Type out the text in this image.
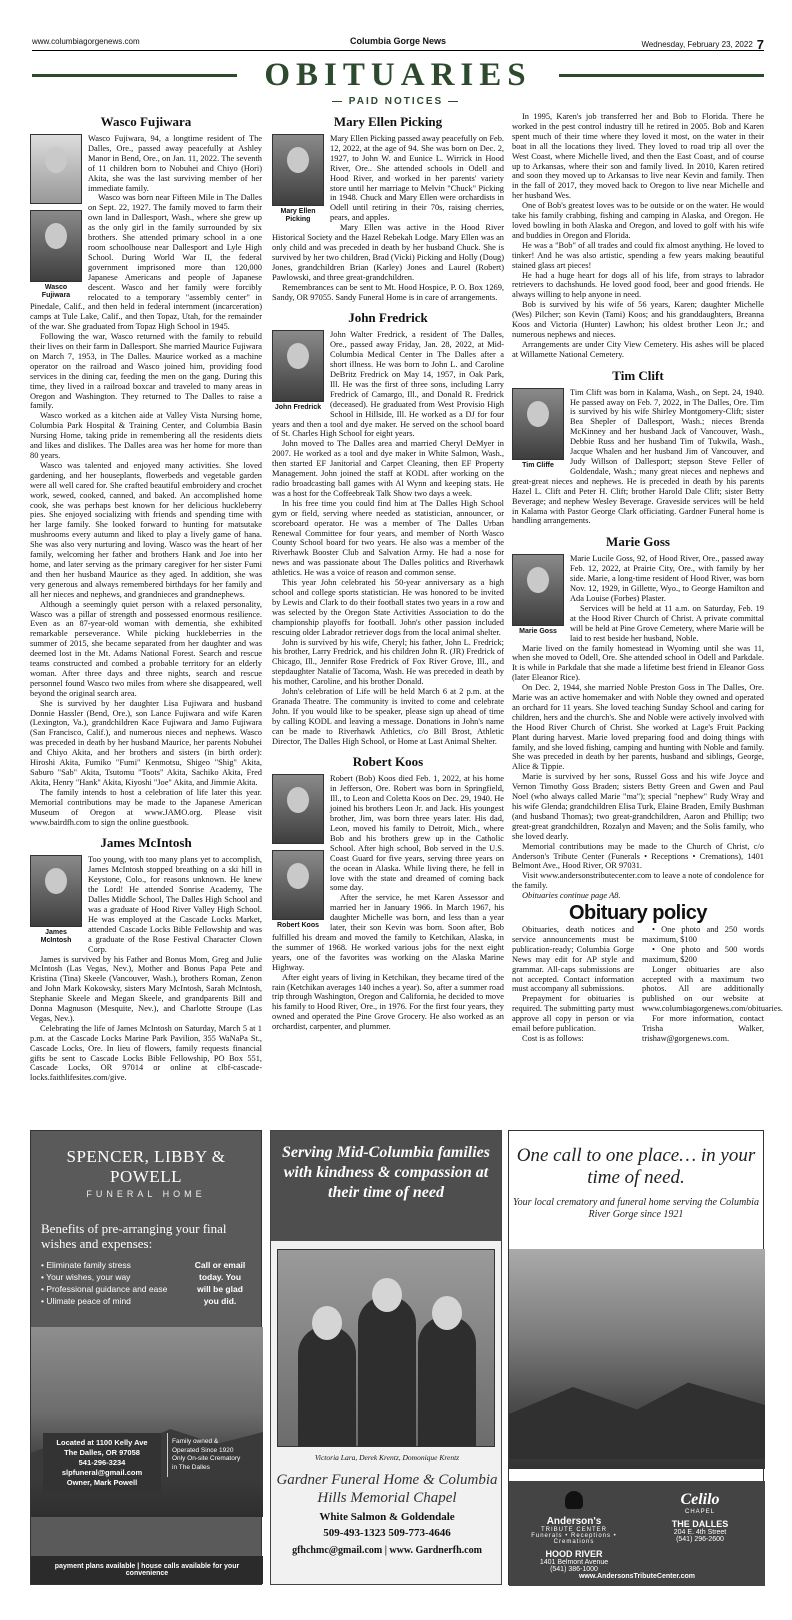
www.columbiagorgenews.com	Columbia Gorge News	Wednesday, February 23, 2022 7
OBITUARIES
— PAID NOTICES —
Wasco Fujiwara
Wasco Fujiwara

Wasco Fujiwara, 94, a longtime resident of The Dalles, Ore., passed away peacefully at Ashley Manor in Bend, Ore., on Jan. 11, 2022. The seventh of 11 children born to Nobuhei and Chiyo (Hori) Akita, she was the last surviving member of her immediate family.

Wasco was born near Fifteen Mile in The Dalles on Sept. 22, 1927. The family moved to farm their own land in Dallesport, Wash., where she grew up as the only girl in the family surrounded by six brothers. She attended primary school in a one room schoolhouse near Dallesport and Lyle High School. During World War II, the federal government imprisoned more than 120,000 Japanese Americans and people of Japanese descent. Wasco and her family were forcibly relocated to a temporary "assembly center" in Pinedale, Calif., and then held in federal internment (incarceration) camps at Tule Lake, Calif., and then Topaz, Utah, for the remainder of the war. She graduated from Topaz High School in 1945.

Following the war, Wasco returned with the family to rebuild their lives on their farm in Dallesport. She married Maurice Fujiwara on March 7, 1953, in The Dalles. Maurice worked as a machine operator on the railroad and Wasco joined him, providing food services in the dining car, feeding the men on the gang. During this time, they lived in a railroad boxcar and traveled to many areas in Oregon and Washington. They returned to The Dalles to raise a family.

Wasco worked as a kitchen aide at Valley Vista Nursing home, Columbia Park Hospital & Training Center, and Columbia Basin Nursing Home, taking pride in remembering all the residents diets and likes and dislikes. The Dalles area was her home for more than 80 years.

Wasco was talented and enjoyed many activities. She loved gardening, and her houseplants, flowerbeds and vegetable garden were all well cared for. She crafted beautiful embroidery and crochet work, sewed, cooked, canned, and baked. An accomplished home cook, she was perhaps best known for her delicious huckleberry pies. She enjoyed socializing with friends and spending time with her large family. She looked forward to hunting for matsutake mushrooms every autumn and liked to play a lively game of hana. She was also very nurturing and loving. Wasco was the heart of her family, welcoming her father and brothers Hank and Joe into her home, and later serving as the primary caregiver for her sister Fumi and then her husband Maurice as they aged. In addition, she was very generous and always remembered birthdays for her family and all her nieces and nephews, and grandnieces and grandnephews.

Although a seemingly quiet person with a relaxed personality, Wasco was a pillar of strength and possessed enormous resilience. Even as an 87-year-old woman with dementia, she exhibited remarkable perseverance. While picking huckleberries in the summer of 2015, she became separated from her daughter and was deemed lost in the Mt. Adams National Forest. Search and rescue teams constructed and combed a probable territory for an elderly woman. After three days and three nights, search and rescue personnel found Wasco two miles from where she disappeared, well beyond the original search area.

She is survived by her daughter Lisa Fujiwara and husband Donnie Hassler (Bend, Ore.), son Lance Fujiwara and wife Karen (Lexington, Va.), grandchildren Kace Fujiwara and Jamo Fujiwara (San Francisco, Calif.), and numerous nieces and nephews. Wasco was preceded in death by her husband Maurice, her parents Nobuhei and Chiyo Akita, and her brothers and sisters (in birth order): Hiroshi Akita, Fumiko "Fumi" Kenmotsu, Shigeo "Shig" Akita, Saburo "Sab" Akita, Tsutomu "Toots" Akita, Sachiko Akita, Fred Akita, Henry "Hank" Akita, Kiyoshi "Joe" Akita, and Jimmie Akita.

The family intends to host a celebration of life later this year. Memorial contributions may be made to the Japanese American Museum of Oregon at www.JAMO.org. Please visit www.bairdfh.com to sign the online guestbook.

James McIntosh
James McIntosh

Too young, with too many plans yet to accomplish, James McIntosh stopped breathing on a ski hill in Keystone, Colo., for reasons unknown. He knew the Lord! He attended Sonrise Academy, The Dalles Middle School, The Dalles High School and was a graduate of Hood River Valley High School. He was employed at the Cascade Locks Market, attended Cascade Locks Bible Fellowship and was a graduate of the Rose Festival Character Clown Corp.

James is survived by his Father and Bonus Mom, Greg and Julie McIntosh (Las Vegas, Nev.), Mother and Bonus Papa Pete and Kristina (Tina) Skeele (Vancouver, Wash.), brothers Roman, Zenon and John Mark Kokowsky, sisters Mary McIntosh, Sarah McIntosh, Stephanie Skeele and Megan Skeele, and grandparents Bill and Donna Magnuson (Mesquite, Nev.), and Charlotte Stroupe (Las Vegas, Nev.).

Celebrating the life of James McIntosh on Saturday, March 5 at 1 p.m. at the Cascade Locks Marine Park Pavilion, 355 WaNaPa St., Cascade Locks, Ore. In lieu of flowers, family requests financial gifts be sent to Cascade Locks Bible Fellowship, PO Box 551, Cascade Locks, OR 97014 or online at clbf-cascade-locks.faithlifesites.com/give.

Mary Ellen Picking
Mary Ellen Picking

Mary Ellen Picking passed away peacefully on Feb. 12, 2022, at the age of 94. She was born on Dec. 2, 1927, to John W. and Eunice L. Wirrick in Hood River, Ore.. She attended schools in Odell and Hood River, and worked in her parents' variety store until her marriage to Melvin "Chuck" Picking in 1948. Chuck and Mary Ellen were orchardists in Odell until retiring in their 70s, raising cherries, pears, and apples.

Mary Ellen was active in the Hood River Historical Society and the Hazel Rebekah Lodge. Mary Ellen was an only child and was preceded in death by her husband Chuck. She is survived by her two children, Brad (Vicki) Picking and Holly (Doug) Jones, grandchildren Brian (Karley) Jones and Laurel (Robert) Pawlowski, and three great-grandchildren.

Remembrances can be sent to Mt. Hood Hospice, P. O. Box 1269, Sandy, OR 97055. Sandy Funeral Home is in care of arrangements.

John Fredrick
John Fredrick

John Walter Fredrick, a resident of The Dalles, Ore., passed away Friday, Jan. 28, 2022, at Mid-Columbia Medical Center in The Dalles after a short illness. He was born to John L. and Caroline DeBritz Fredrick on May 14, 1957, in Oak Park, Ill. He was the first of three sons, including Larry Fredrick of Camargo, Ill., and Donald R. Fredrick (deceased). He graduated from West Provisio High School in Hillside, Ill. He worked as a DJ for four years and then a tool and dye maker. He served on the school board of St. Charles High School for eight years.

John moved to The Dalles area and married Cheryl DeMyer in 2007. He worked as a tool and dye maker in White Salmon, Wash., then started EF Janitorial and Carpet Cleaning, then EF Property Management. John joined the staff at KODL after working on the radio broadcasting ball games with Al Wynn and keeping stats. He was a host for the Coffeebreak Talk Show two days a week.

In his free time you could find him at The Dalles High School gym or field, serving where needed as statistician, announcer, or scoreboard operator. He was a member of The Dalles Urban Renewal Committee for four years, and member of North Wasco County School board for two years. He also was a member of the Riverhawk Booster Club and Salvation Army. He had a nose for news and was passionate about The Dalles politics and Riverhawk athletics. He was a voice of reason and common sense.

This year John celebrated his 50-year anniversary as a high school and college sports statistician. He was honored to be invited by Lewis and Clark to do their football states two years in a row and was selected by the Oregon State Activities Association to do the championship playoffs for football. John's other passion included rescuing older Labrador retriever dogs from the local animal shelter.

John is survived by his wife, Cheryl; his father, John L. Fredrick; his brother, Larry Fredrick, and his children John R. (JR) Fredrick of Chicago, Ill., Jennifer Rose Fredrick of Fox River Grove, Ill., and stepdaughter Natalie of Tacoma, Wash. He was preceded in death by his mother, Caroline, and his brother Donald.

John's celebration of Life will be held March 6 at 2 p.m. at the Granada Theatre. The community is invited to come and celebrate John. If you would like to be speaker, please sign up ahead of time by calling KODL and leaving a message. Donations in John's name can be made to Riverhawk Athletics, c/o Bill Brost, Athletic Director, The Dalles High School, or Home at Last Animal Shelter.

Robert Koos
Robert Koos

Robert (Bob) Koos died Feb. 1, 2022, at his home in Jefferson, Ore. Robert was born in Springfield, Ill., to Leon and Coletta Koos on Dec. 29, 1940. He joined his brothers Leon Jr. and Jack. His youngest brother, Jim, was born three years later. His dad, Leon, moved his family to Detroit, Mich., where Bob and his brothers grew up in the Catholic School. After high school, Bob served in the U.S. Coast Guard for five years, serving three years on the ocean in Alaska. While living there, he fell in love with the state and dreamed of coming back some day.

After the service, he met Karen Assessor and married her in January 1966. In March 1967, his daughter Michelle was born, and less than a year later, their son Kevin was born. Soon after, Bob fulfilled his dream and moved the family to Ketchikan, Alaska, in the summer of 1968. He worked various jobs for the next eight years, one of the favorites was working on the Alaska Marine Highway.

After eight years of living in Ketchikan, they became tired of the rain (Ketchikan averages 140 inches a year). So, after a summer road trip through Washington, Oregon and California, he decided to move his family to Hood River, Ore., in 1976. For the first four years, they owned and operated the Pine Grove Grocery. He also worked as an orchardist, carpenter, and plummer.

In 1995, Karen's job transferred her and Bob to Florida. There he worked in the pest control industry till he retired in 2005. Bob and Karen spent much of their time where they loved it most, on the water in their boat in all the locations they lived. They loved to road trip all over the West Coast, where Michelle lived, and then the East Coast, and of course up to Arkansas, where their son and family lived. In 2010, Karen retired and soon they moved up to Arkansas to live near Kevin and family. Then in the fall of 2017, they moved back to Oregon to live near Michelle and her husband Wes.

One of Bob's greatest loves was to be outside or on the water. He would take his family crabbing, fishing and camping in Alaska, and Oregon. He loved bowling in both Alaska and Oregon, and loved to golf with his wife and buddies in Oregon and Florida.

He was a "Bob" of all trades and could fix almost anything. He loved to tinker! And he was also artistic, spending a few years making beautiful stained glass art pieces!

He had a huge heart for dogs all of his life, from strays to labrador retrievers to dachshunds. He loved good food, beer and good friends. He always willing to help anyone in need.

Bob is survived by his wife of 56 years, Karen; daughter Michelle (Wes) Pilcher; son Kevin (Tami) Koos; and his granddaughters, Breanna Koos and Victoria (Hunter) Lawhon; his oldest brother Leon Jr.; and numerous nephews and nieces.

Arrangements are under City View Cemetery. His ashes will be placed at Willamette National Cemetery.

Tim Clift
Tim Cliffe

Tim Clift was born in Kalama, Wash., on Sept. 24, 1940. He passed away on Feb. 7, 2022, in The Dalles, Ore. Tim is survived by his wife Shirley Montgomery-Clift; sister Bea Shepler of Dallesport, Wash.; nieces Brenda McKinney and her husband Jack of Vancouver, Wash., Debbie Russ and her husband Tim of Tukwila, Wash., Jacque Whalen and her husband Jim of Vancouver, and Judy Willson of Dallesport; stepson Steve Feller of Goldendale, Wash.; many great nieces and nephews and great-great nieces and nephews. He is preceded in death by his parents Hazel L. Clift and Peter H. Clift; brother Harold Dale Clift; sister Betty Beverage; and nephew Wesley Beverage. Graveside services will be held in Kalama with Pastor George Clark officiating. Gardner Funeral home is handling arrangements.

Marie Goss
Marie Goss

Marie Lucile Goss, 92, of Hood River, Ore., passed away Feb. 12, 2022, at Prairie City, Ore., with family by her side. Marie, a long-time resident of Hood River, was born Nov. 12, 1929, in Gillette, Wyo., to George Hamilton and Ada Louise (Forbes) Plaster.

Services will be held at 11 a.m. on Saturday, Feb. 19 at the Hood River Church of Christ. A private committal will be held at Pine Grove Cemetery, where Marie will be laid to rest beside her husband, Noble.

Marie lived on the family homestead in Wyoming until she was 11, when she moved to Odell, Ore. She attended school in Odell and Parkdale. It is while in Parkdale that she made a lifetime best friend in Eleanor Goss (later Eleanor Rice).

On Dec. 2, 1944, she married Noble Preston Goss in The Dalles, Ore. Marie was an active homemaker and with Noble they owned and operated an orchard for 11 years. She loved teaching Sunday School and caring for children, hers and the church's. She and Noble were actively involved with the Hood River Church of Christ. She worked at Lage's Fruit Packing Plant during harvest. Marie loved preparing food and doing things with family, and she loved fishing, camping and hunting with Noble and family. She was preceded in death by her parents, husband and siblings, George, Alice & Tippie.

Marie is survived by her sons, Russel Goss and his wife Joyce and Vernon Timothy Goss Braden; sisters Betty Green and Gwen and Paul Noel (who always called Marie "ma"); special "nephew" Rudy Wray and his wife Glenda; grandchildren Elisa Turk, Elaine Braden, Emily Bushman (and husband Thomas); two great-grandchildren, Aaron and Phillip; two great-great grandchildren, Rozalyn and Maven; and the Solis family, who she loved dearly.

Memorial contributions may be made to the Church of Christ, c/o Anderson's Tribute Center (Funerals • Receptions • Cremations), 1401 Belmont Ave., Hood River, OR 97031.

Visit www.andersonstributecenter.com to leave a note of condolence for the family.

Obituaries continue page A8.

Obituary policy

Obituaries, death notices and service announcements must be publication-ready; Columbia Gorge News may edit for AP style and grammar. All-caps submissions are not accepted. Contact information must accompany all submissions.

Prepayment for obituaries is required. The submitting party must approve all copy in person or via email before publication.

Cost is as follows:

• One photo and 250 words maximum, $100

• One photo and 500 words maximum, $200

Longer obituaries are also accepted with a maximum two photos. All are additionally published on our website at www.columbiagorgenews.com/obituaries.

For more information, contact Trisha Walker, trishaw@gorgenews.com.

SPENCER, LIBBY & POWELL
FUNERAL HOME
Benefits of pre-arranging your final wishes and expenses:
• Eliminate family stress
• Your wishes, your way
• Professional guidance and ease
• Ulimate peace of mind
Call or email today. You will be glad you did.
Located at 1100 Kelly Ave
The Dalles, OR 97058
541-296-3234
slpfuneral@gmail.com
Owner, Mark Powell
Family owned & Operated Since 1920 Only On-site Crematory in The Dalles
payment plans available | house calls available for your convenience
Serving Mid-Columbia families with kindness & compassion at their time of need
Victoria Lara, Derek Krentz, Domonique Krentz
Gardner Funeral Home & Columbia Hills Memorial Chapel
White Salmon & Goldendale
509-493-1323 509-773-4646
gfhchmc@gmail.com | www. Gardnerfh.com
One call to one place… in your time of need.
Your local crematory and funeral home serving the Columbia River Gorge since 1921
Anderson's
TRIBUTE CENTER
Funerals • Receptions • Cremations
HOOD RIVER
1401 Belmont Avenue
(541) 386-1000
Celilo
CHAPEL
THE DALLES
204 E. 4th Street
(541) 296-2600
www.AndersonsTributeCenter.com
